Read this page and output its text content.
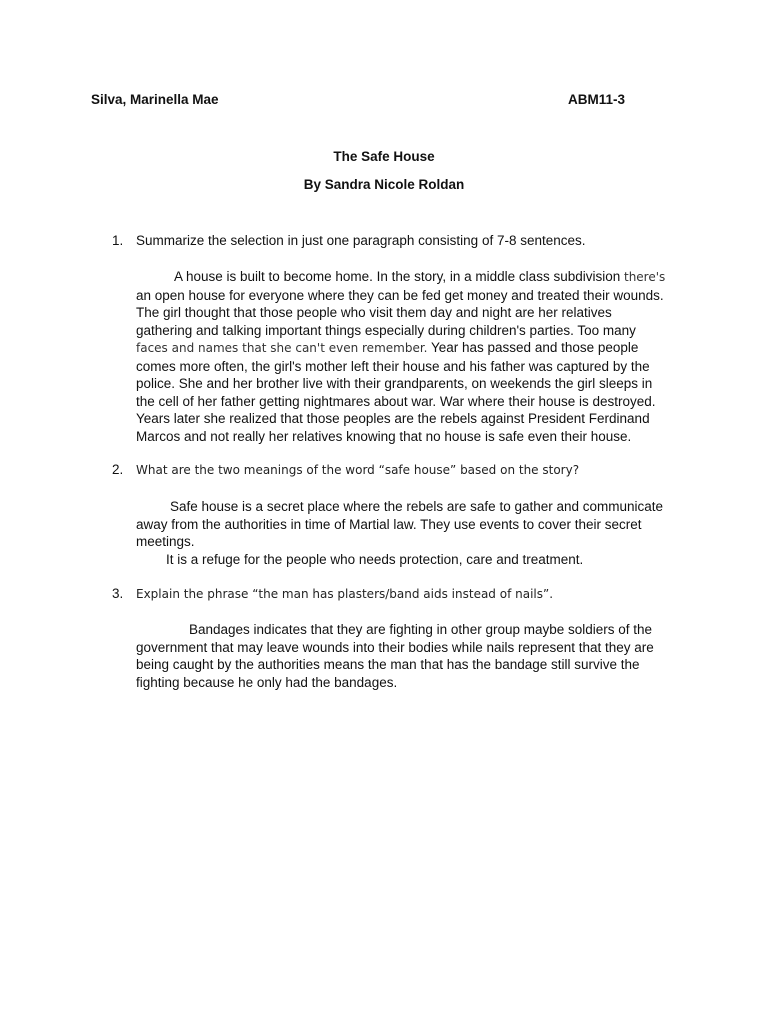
Silva, Marinella Mae	ABM11-3

The Safe House

By Sandra Nicole Roldan

1. Summarize the selection in just one paragraph consisting of 7-8 sentences.
A house is built to become home. In the story, in a middle class subdivision there's
an open house for everyone where they can be fed get money and treated their wounds.
The girl thought that those people who visit them day and night are her relatives
gathering and talking important things especially during children's parties. Too many
faces and names that she can't even remember. Year has passed and those people
comes more often, the girl's mother left their house and his father was captured by the
police. She and her brother live with their grandparents, on weekends the girl sleeps in
the cell of her father getting nightmares about war. War where their house is destroyed.
Years later she realized that those peoples are the rebels against President Ferdinand
Marcos and not really her relatives knowing that no house is safe even their house.
2. What are the two meanings of the word “safe house” based on the story?
Safe house is a secret place where the rebels are safe to gather and communicate
away from the authorities in time of Martial law. They use events to cover their secret
meetings.
It is a refuge for the people who needs protection, care and treatment.
3. Explain the phrase “the man has plasters/band aids instead of nails”.
Bandages indicates that they are fighting in other group maybe soldiers of the
government that may leave wounds into their bodies while nails represent that they are
being caught by the authorities means the man that has the bandage still survive the
fighting because he only had the bandages.
